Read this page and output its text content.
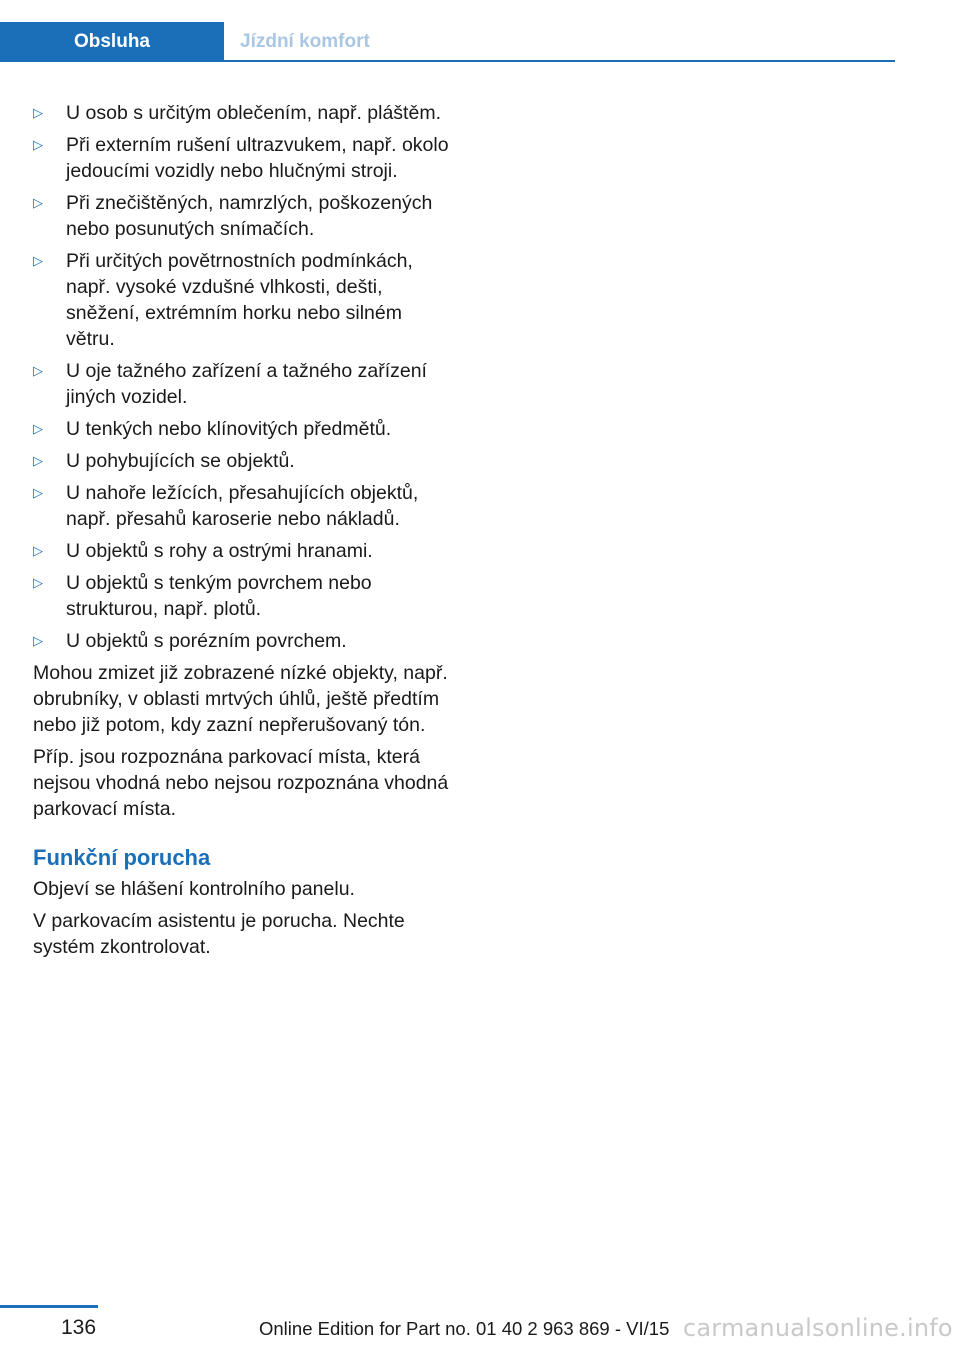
Obsluha	Jízdní komfort
▷ U osob s určitým oblečením, např. pláštěm.
▷ Při externím rušení ultrazvukem, např. okolo jedoucími vozidly nebo hlučnými stroji.
▷ Při znečištěných, namrzlých, poškozených nebo posunutých snímačích.
▷ Při určitých povětrnostních podmínkách, např. vysoké vzdušné vlhkosti, dešti, sněžení, extrémním horku nebo silném větru.
▷ U oje tažného zařízení a tažného zařízení jiných vozidel.
▷ U tenkých nebo klínovitých předmětů.
▷ U pohybujících se objektů.
▷ U nahoře ležících, přesahujících objektů, např. přesahů karoserie nebo nákladů.
▷ U objektů s rohy a ostrými hranami.
▷ U objektů s tenkým povrchem nebo strukturou, např. plotů.
▷ U objektů s porézním povrchem.

Mohou zmizet již zobrazené nízké objekty, např. obrubníky, v oblasti mrtvých úhlů, ještě předtím nebo již potom, kdy zazní nepřerušovaný tón.

Příp. jsou rozpoznána parkovací místa, která nejsou vhodná nebo nejsou rozpoznána vhodná parkovací místa.

Funkční porucha

Objeví se hlášení kontrolního panelu.

V parkovacím asistentu je porucha. Nechte systém zkontrolovat.

136	Online Edition for Part no. 01 40 2 963 869 - VI/15 carmanualsonline.info
